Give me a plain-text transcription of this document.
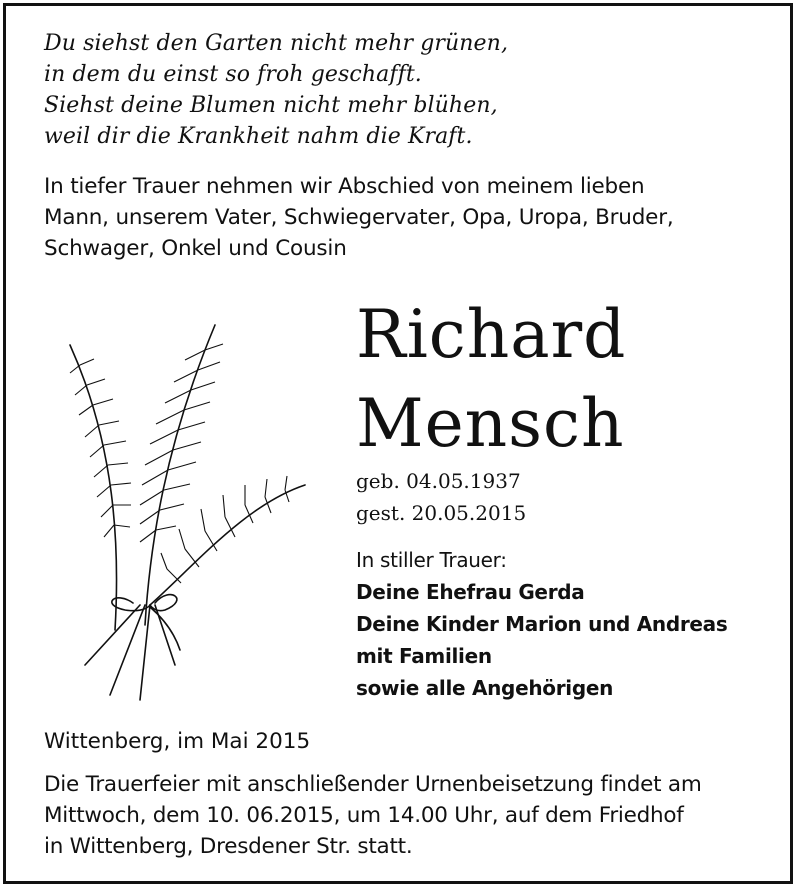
Du siehst den Garten nicht mehr grünen,
in dem du einst so froh geschafft.
Siehst deine Blumen nicht mehr blühen,
weil dir die Krankheit nahm die Kraft.
In tiefer Trauer nehmen wir Abschied von meinem lieben
Mann, unserem Vater, Schwiegervater, Opa, Uropa, Bruder,
Schwager, Onkel und Cousin
Richard
Mensch
geb. 04.05.1937
gest. 20.05.2015
In stiller Trauer:
Deine Ehefrau Gerda
Deine Kinder Marion und Andreas
mit Familien
sowie alle Angehörigen
Wittenberg, im Mai 2015
Die Trauerfeier mit anschließender Urnenbeisetzung findet am
Mittwoch, dem 10. 06.2015, um 14.00 Uhr, auf dem Friedhof
in Wittenberg, Dresdener Str. statt.
